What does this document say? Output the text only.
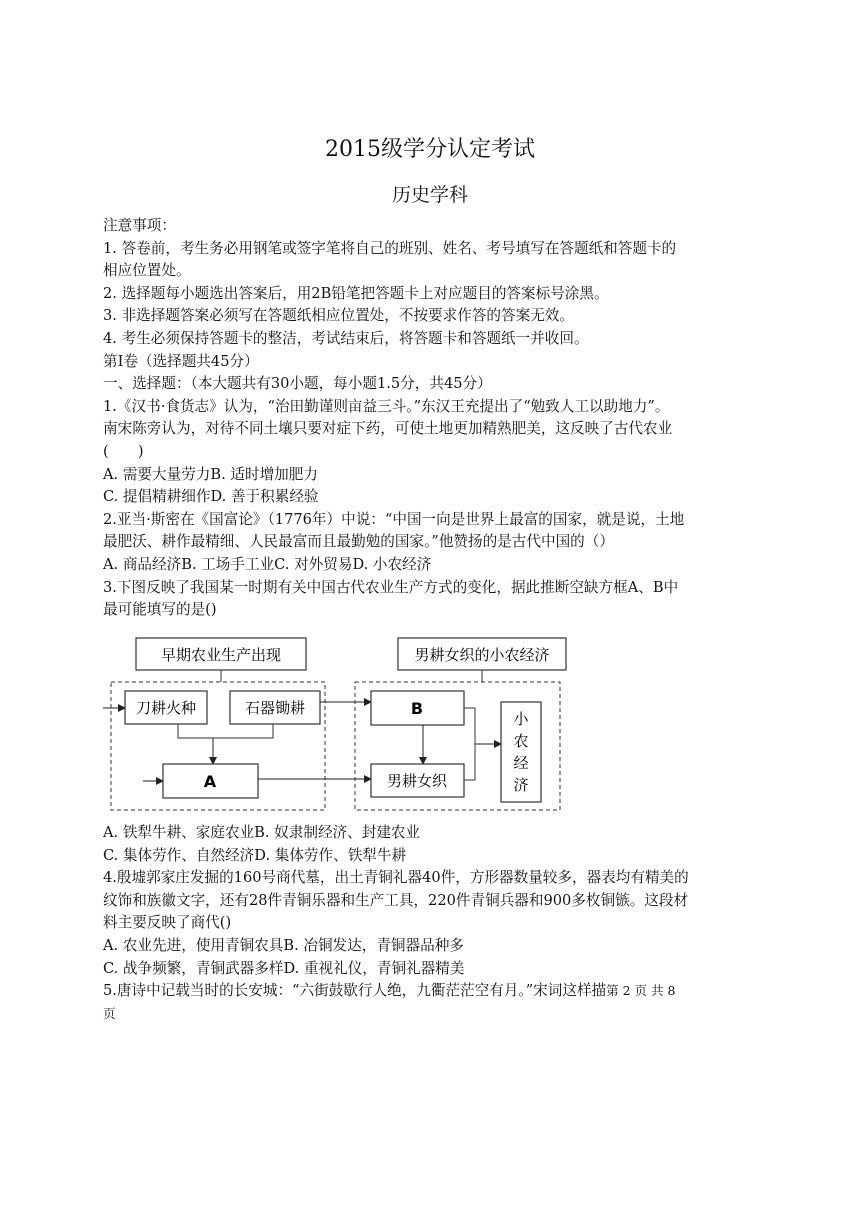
2015级学分认定考试
历史学科
注意事项：
1. 答卷前，考生务必用钢笔或签字笔将自己的班别、姓名、考号填写在答题纸和答题卡的
相应位置处。
2. 选择题每小题选出答案后，用2B铅笔把答题卡上对应题目的答案标号涂黑。
3. 非选择题答案必须写在答题纸相应位置处，不按要求作答的答案无效。
4. 考生必须保持答题卡的整洁，考试结束后，将答题卡和答题纸一并收回。
第Ⅰ卷（选择题共45分）
一、选择题：（本大题共有30小题，每小题1.5分，共45分）
1.《汉书·食货志》认为，“治田勤谨则亩益三斗。”东汉王充提出了“勉致人工以助地力”。
南宋陈旁认为，对待不同土壤只要对症下药，可使土地更加精熟肥美，这反映了古代农业
(　　)
A. 需要大量劳力B. 适时增加肥力
C. 提倡精耕细作D. 善于积累经验
2.亚当·斯密在《国富论》（1776年）中说：“中国一向是世界上最富的国家，就是说，土地
最肥沃、耕作最精细、人民最富而且最勤勉的国家。”他赞扬的是古代中国的（）
A. 商品经济B. 工场手工业C. 对外贸易D. 小农经济
3.下图反映了我国某一时期有关中国古代农业生产方式的变化，据此推断空缺方框A、B中
最可能填写的是()
早期农业生产出现	男耕女织的小农经济
刀耕火种	石器锄耕
A
B
男耕女织
小
农
经
济
A. 铁犁牛耕、家庭农业B. 奴隶制经济、封建农业
C. 集体劳作、自然经济D. 集体劳作、铁犁牛耕
4.殷墟郭家庄发掘的160号商代墓，出土青铜礼器40件，方形器数量较多，器表均有精美的
纹饰和族徽文字，还有28件青铜乐器和生产工具，220件青铜兵器和900多枚铜镞。这段材
料主要反映了商代()
A. 农业先进，使用青铜农具B. 冶铜发达，青铜器品种多
C. 战争频繁，青铜武器多样D. 重视礼仪，青铜礼器精美
5.唐诗中记载当时的长安城：“六街鼓歇行人绝，九衢茫茫空有月。”宋词这样描第 2 页 共 8
页
